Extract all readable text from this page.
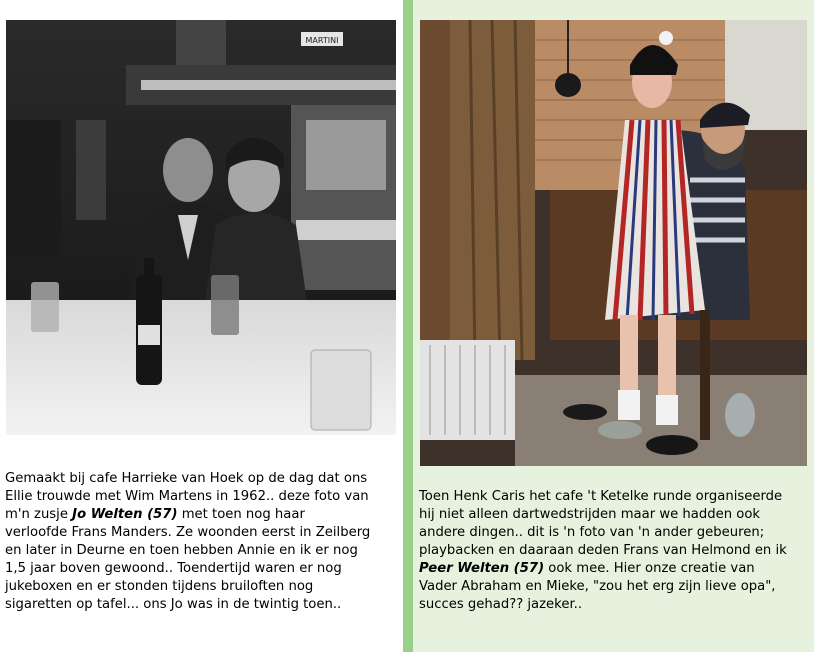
MARTINI

Gemaakt bij cafe Harrieke van Hoek op de dag dat ons
Ellie trouwde met Wim Martens in 1962.. deze foto van
m'n zusje Jo Welten (57) met toen nog haar
verloofde Frans Manders. Ze woonden eerst in Zeilberg
en later in Deurne en toen hebben Annie en ik er nog
1,5 jaar boven gewoond.. Toendertijd waren er nog
jukeboxen en er stonden tijdens bruiloften nog
sigaretten op tafel... ons Jo was in de twintig toen..

Toen Henk Caris het cafe 't Ketelke runde organiseerde
hij niet alleen dartwedstrijden maar we hadden ook
andere dingen.. dit is 'n foto van 'n ander gebeuren;
playbacken en daaraan deden Frans van Helmond en ik
Peer Welten (57) ook mee. Hier onze creatie van
Vader Abraham en Mieke, "zou het erg zijn lieve opa",
succes gehad?? jazeker..
